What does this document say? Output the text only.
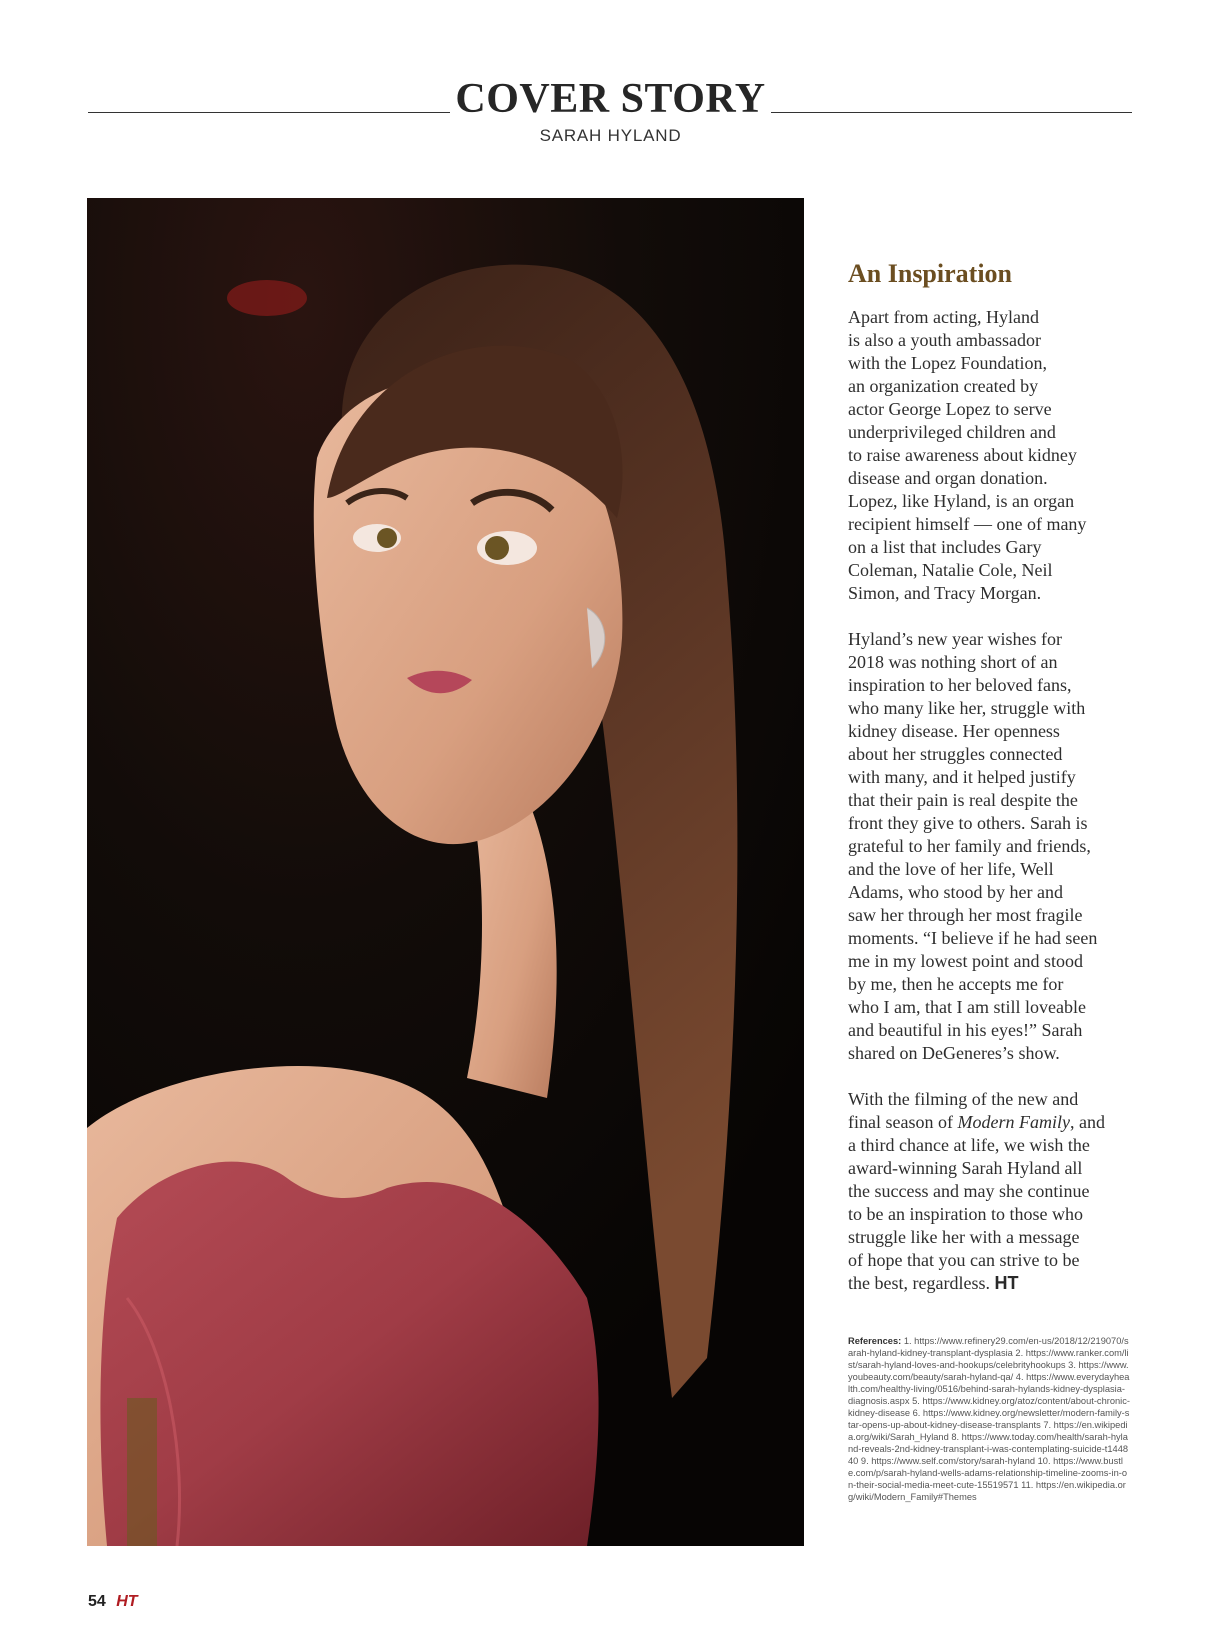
COVER STORY
SARAH HYLAND
An Inspiration

Apart from acting, Hyland
is also a youth ambassador
with the Lopez Foundation,
an organization created by
actor George Lopez to serve
underprivileged children and
to raise awareness about kidney
disease and organ donation.
Lopez, like Hyland, is an organ
recipient himself — one of many
on a list that includes Gary
Coleman, Natalie Cole, Neil
Simon, and Tracy Morgan.

Hyland’s new year wishes for
2018 was nothing short of an
inspiration to her beloved fans,
who many like her, struggle with
kidney disease. Her openness
about her struggles connected
with many, and it helped justify
that their pain is real despite the
front they give to others. Sarah is
grateful to her family and friends,
and the love of her life, Well
Adams, who stood by her and
saw her through her most fragile
moments. “I believe if he had seen
me in my lowest point and stood
by me, then he accepts me for
who I am, that I am still loveable
and beautiful in his eyes!” Sarah
shared on DeGeneres’s show.

With the filming of the new and
final season of Modern Family, and
a third chance at life, we wish the
award-winning Sarah Hyland all
the success and may she continue
to be an inspiration to those who
struggle like her with a message
of hope that you can strive to be
the best, regardless. HT

References: 1. https://www.refinery29.com/en-us/2018/12/219070/sarah-hyland-kidney-transplant-dysplasia 2. https://www.ranker.com/list/sarah-hyland-loves-and-hookups/celebrityhookups 3. https://www.youbeauty.com/beauty/sarah-hyland-qa/ 4. https://www.everydayhealth.com/healthy-living/0516/behind-sarah-hylands-kidney-dysplasia-diagnosis.aspx 5. https://www.kidney.org/atoz/content/about-chronic-kidney-disease 6. https://www.kidney.org/newsletter/modern-family-star-opens-up-about-kidney-disease-transplants 7. https://en.wikipedia.org/wiki/Sarah_Hyland 8. https://www.today.com/health/sarah-hyland-reveals-2nd-kidney-transplant-i-was-contemplating-suicide-t144840 9. https://www.self.com/story/sarah-hyland 10. https://www.bustle.com/p/sarah-hyland-wells-adams-relationship-timeline-zooms-in-on-their-social-media-meet-cute-15519571 11. https://en.wikipedia.org/wiki/Modern_Family#Themes
54 HT
